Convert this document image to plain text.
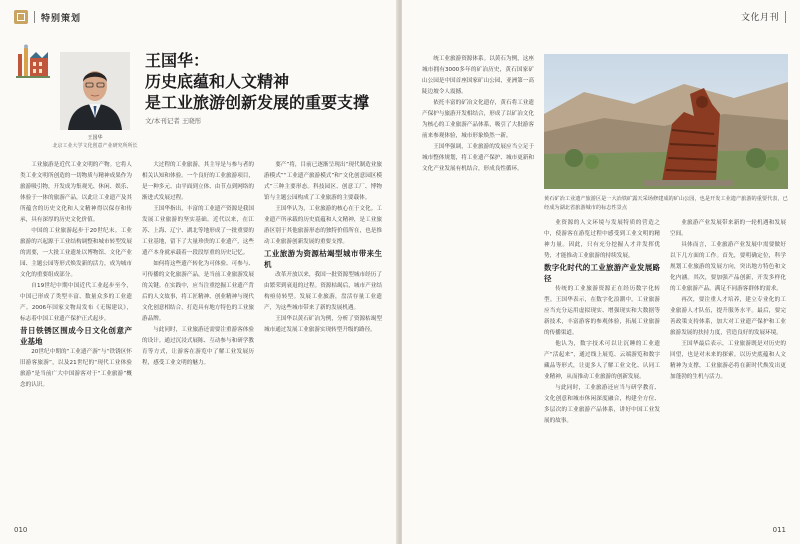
特别策划
王国华
北京工业大学文化创意产业研究所所长
王国华：
历史底蕴和人文精神
是工业旅游创新发展的重要支撑
文/本刊记者 王晓彤

工业旅游是近代工业文明的产物。它将人类工业文明所创造的一切物质与精神成果作为旅游吸引物，开发成为集观光、休闲、娱乐、体验于一体的旅游产品，以此让工业遗产及其所蕴含的历史文化和人文精神得以保存和传承，具有深厚的历史文化价值。

中国的工业旅游起步于20世纪末。工业旅游的兴起源于工业结构调整和城市转型发展的需要，一大批工业遗址以博物馆、文化产业园、主题公园等形式焕发新的活力，成为城市文化的重要组成部分。

自19世纪中期中国近代工业起步至今，中国已形成了类型丰富、数量众多的工业遗产。2006年国家文物局发布《无锡建议》，标志着中国工业遗产保护正式起步。

昔日铁锈区围成今日文化创意产业基地

20世纪中期的“工业遗产游”与“铁锈区怀旧游客旅游”，以及21世纪的“现代工业体验旅游”是当前广大中国游客对于“工业旅游”概念的认识。

大过程的工业旅游，其主导是与参与者的相关认知和体验。一个良好的工业旅游项目，是一种多元、由平面到立体、由节点到网络的渐进式发展过程。

王国华指出，丰富的工业遗产资源是我国发展工业旅游的坚实基础。近代以来，在江苏、上海、辽宁、湖北等地形成了一批重要的工业基地，留下了大量珍贵的工业遗产，这些遗产本身就承载着一段段厚重的历史记忆。

如何将这些遗产转化为可体验、可参与、可传播的文化旅游产品，是当前工业旅游发展的关键。在实践中，应当注重挖掘工业遗产背后的人文故事，将工匠精神、创业精神与现代文化创意相结合，打造具有地方特色的工业旅游品牌。

与此同时，工业旅游还需要注重游客体验的设计。通过沉浸式展陈、互动参与和研学教育等方式，让游客在游览中了解工业发展历程，感受工业文明的魅力。

要产”将，目前已逐渐呈现出“现代制造业旅游模式”“工业遗产旅游模式”和“文化创意园区模式”三种主要形态。科技园区、创意工厂、博物馆与主题公园构成了工业旅游的主要载体。

王国华认为，工业旅游的核心在于文化。工业遗产所承载的历史底蕴和人文精神，是工业旅游区别于其他旅游形态的独特价值所在，也是推动工业旅游创新发展的重要支撑。

工业旅游为资源枯竭型城市带来生机

改革开放以来，我国一批资源型城市经历了由繁荣到衰退的过程。资源枯竭后，城市产业结构亟待转型。发展工业旅游，盘活存量工业遗产，为这些城市带来了新的发展机遇。

王国华以黄石矿冶为例，分析了资源枯竭型城市通过发展工业旅游实现转型升级的路径。

010
文化月刊

统工业旅游资源体系。以黄石为例，这座城市拥有3000多年的矿冶历史，黄石国家矿山公园是中国首座国家矿山公园，亚洲第一高陡边坡令人震撼。

依托丰富的矿冶文化遗存，黄石将工业遗产保护与旅游开发相结合，形成了以矿冶文化为核心的工业旅游产品体系，吸引了大批游客前来参观体验，城市形象焕然一新。

王国华强调，工业旅游的发展应当立足于城市整体规划，将工业遗产保护、城市更新和文化产业发展有机结合，形成良性循环。

黄石矿冶工业遗产旅游区是一大冶铁矿露天采场修建成的矿山公园，也是开发工业遗产旅游的重要代表，已经成为湖北省旅游城市的标志性景点

业资源的人文环境与发展特质的营造之中，使游客在游览过程中感受到工业文明的精神力量。因此，只有充分挖掘人才并发挥优势，才能推动工业旅游的持续发展。

数字化时代的工业旅游产业发展路径

传统的工业旅游资源正在经历数字化转型。王国华表示，在数字化浪潮中，工业旅游应当充分运用虚拟现实、增强现实和大数据等新技术，丰富游客的参观体验，拓展工业旅游的传播渠道。

他认为，数字技术可以让沉睡的工业遗产“活起来”，通过线上展览、云端游览和数字藏品等形式，让更多人了解工业文化、认同工业精神，从而推动工业旅游的创新发展。

与此同时，工业旅游还应当与研学教育、文化创意和城市休闲深度融合，构建全方位、多层次的工业旅游产品体系，讲好中国工业发展的故事。

业旅游产业发展带来新的一轮机遇和发展空间。

具体而言，工业旅游产业发展中需要做好以下几方面的工作。首先，要明确定位，科学规划工业旅游的发展方向，突出地方特色和文化内涵。其次，要加强产品创新，开发多样化的工业旅游产品，满足不同游客群体的需求。

再次，要注重人才培养，建立专业化的工业旅游人才队伍，提升服务水平。最后，要完善政策支持体系，加大对工业遗产保护和工业旅游发展的扶持力度，营造良好的发展环境。

王国华最后表示，工业旅游既是对历史的回望，也是对未来的探索。以历史底蕴和人文精神为支撑，工业旅游必将在新时代焕发出更加蓬勃的生机与活力。

011
